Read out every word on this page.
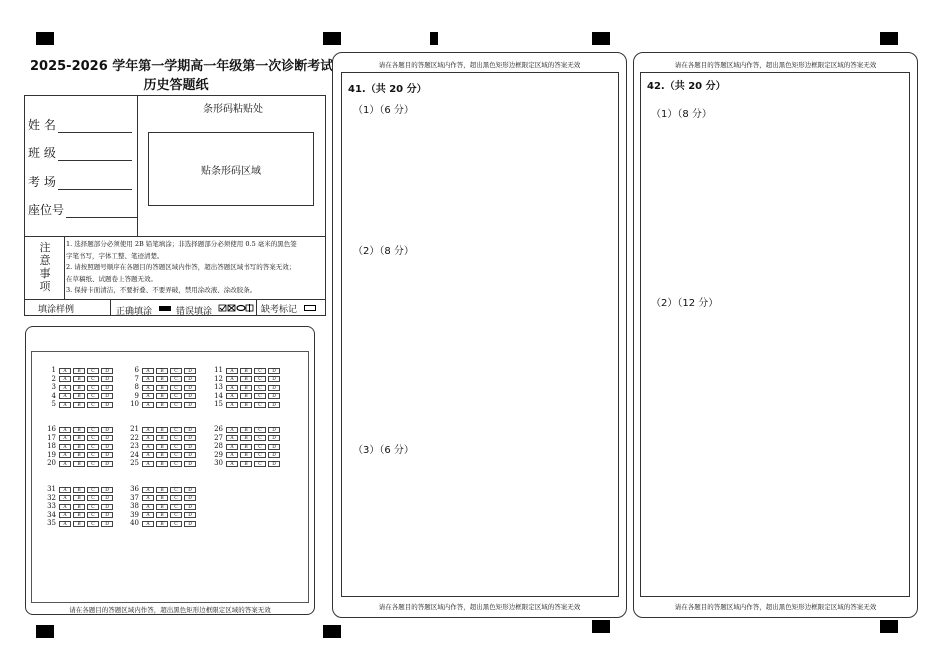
2025-2026 学年第一学期高一年级第一次诊断考试
历史答题纸
姓 名
班 级
考 场
座位号
条形码粘贴处
贴条形码区域
注
意
事
项
1. 选择题部分必须使用 2B 铅笔填涂；非选择题部分必须使用 0.5 毫米的黑色签
字笔书写，字体工整、笔迹清楚。
2. 请按照题号顺序在各题目的答题区域内作答，超出答题区域书写的答案无效；
在草稿纸、试题卷上答题无效。
3. 保持卡面清洁，不要折叠、不要弄破，禁用涂改液、涂改胶条。
填涂样例	正确填涂	错误填涂	缺考标记
1	A	B	C	D
2	A	B	C	D
3	A	B	C	D
4	A	B	C	D
5	A	B	C	D
6	A	B	C	D
7	A	B	C	D
8	A	B	C	D
9	A	B	C	D
10	A	B	C	D
11	A	B	C	D
12	A	B	C	D
13	A	B	C	D
14	A	B	C	D
15	A	B	C	D
16	A	B	C	D
17	A	B	C	D
18	A	B	C	D
19	A	B	C	D
20	A	B	C	D
21	A	B	C	D
22	A	B	C	D
23	A	B	C	D
24	A	B	C	D
25	A	B	C	D
26	A	B	C	D
27	A	B	C	D
28	A	B	C	D
29	A	B	C	D
30	A	B	C	D
31	A	B	C	D
32	A	B	C	D
33	A	B	C	D
34	A	B	C	D
35	A	B	C	D
36	A	B	C	D
37	A	B	C	D
38	A	B	C	D
39	A	B	C	D
40	A	B	C	D
请在各题目的答题区域内作答，超出黑色矩形边框限定区域的答案无效
请在各题目的答题区域内作答，超出黑色矩形边框限定区域的答案无效
41.（共 20 分）
（1）（6 分）
（2）（8 分）
（3）（6 分）
请在各题目的答题区域内作答，超出黑色矩形边框限定区域的答案无效
请在各题目的答题区域内作答，超出黑色矩形边框限定区域的答案无效
42.（共 20 分）
（1）（8 分）
（2）（12 分）
请在各题目的答题区域内作答，超出黑色矩形边框限定区域的答案无效
